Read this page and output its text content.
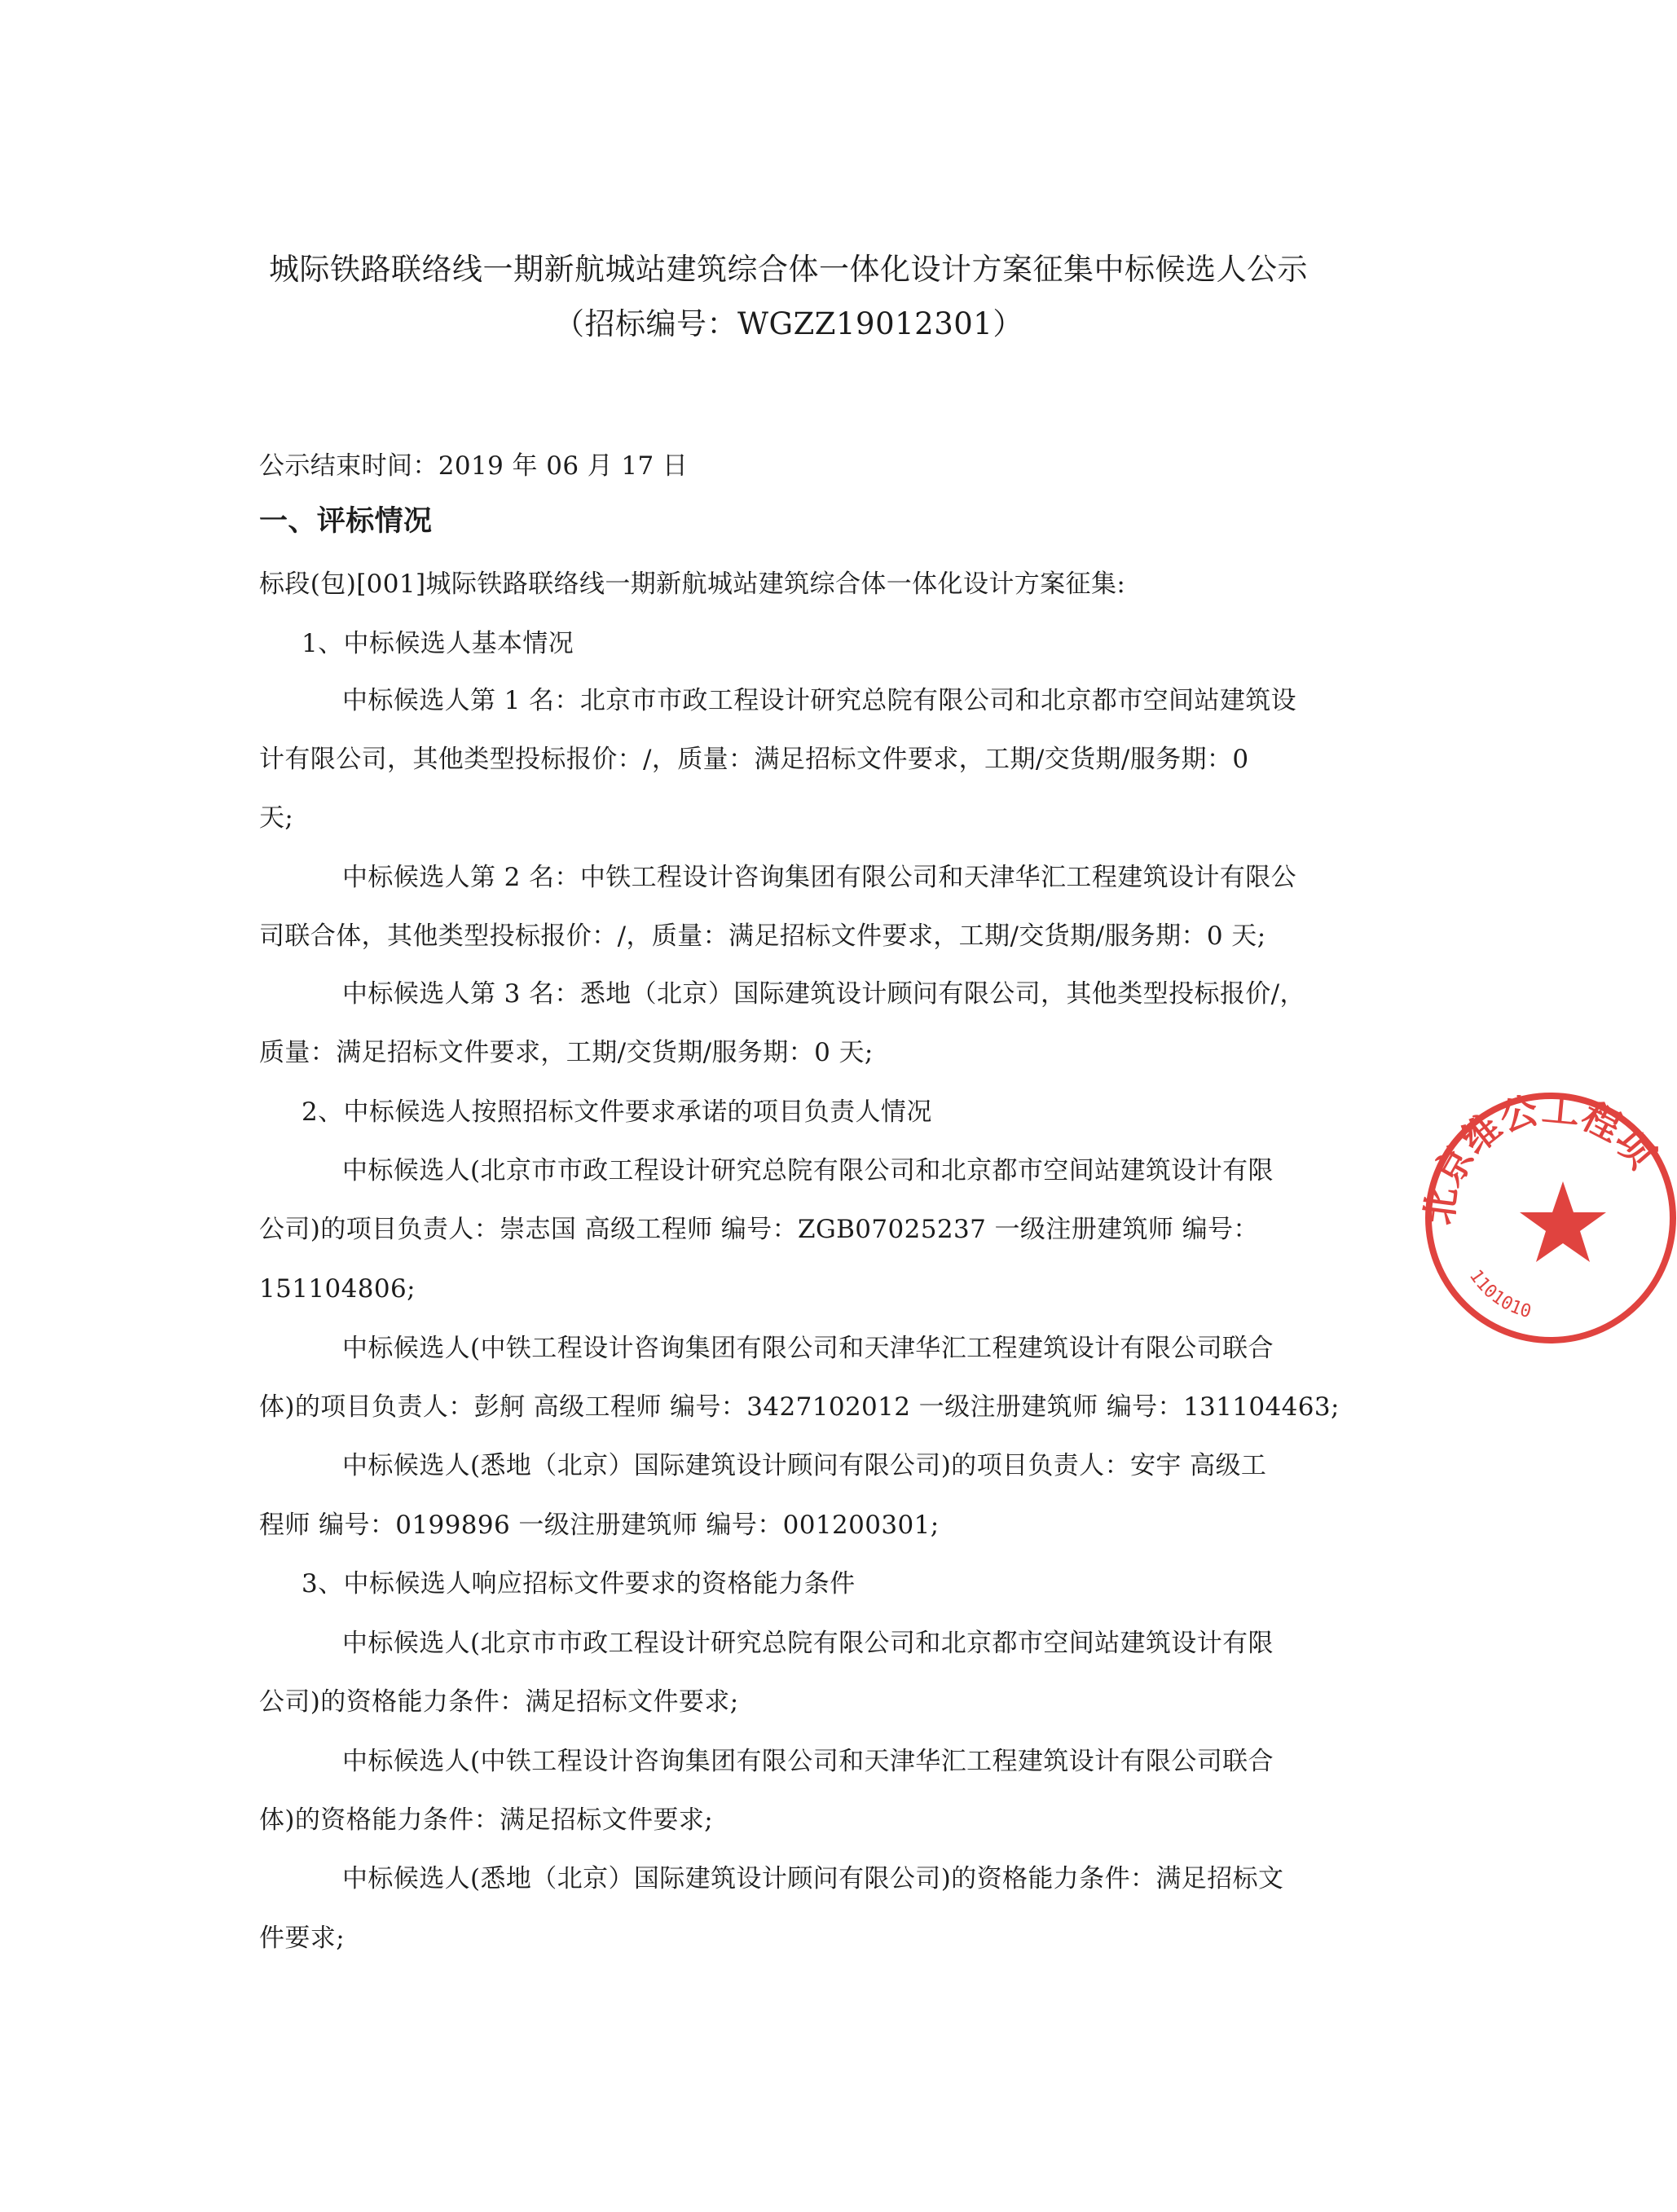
城际铁路联络线一期新航城站建筑综合体一体化设计方案征集中标候选人公示
（招标编号：WGZZ19012301）
公示结束时间：2019 年 06 月 17 日
一、评标情况
标段(包)[001]城际铁路联络线一期新航城站建筑综合体一体化设计方案征集:
1、中标候选人基本情况
中标候选人第 1 名：北京市市政工程设计研究总院有限公司和北京都市空间站建筑设
计有限公司，其他类型投标报价：/，质量：满足招标文件要求，工期/交货期/服务期：0
天;
中标候选人第 2 名：中铁工程设计咨询集团有限公司和天津华汇工程建筑设计有限公
司联合体，其他类型投标报价：/，质量：满足招标文件要求，工期/交货期/服务期：0 天;
中标候选人第 3 名：悉地（北京）国际建筑设计顾问有限公司，其他类型投标报价/，
质量：满足招标文件要求，工期/交货期/服务期：0 天;
2、中标候选人按照招标文件要求承诺的项目负责人情况
中标候选人(北京市市政工程设计研究总院有限公司和北京都市空间站建筑设计有限
公司)的项目负责人：崇志国 高级工程师 编号：ZGB07025237 一级注册建筑师 编号：
151104806;
中标候选人(中铁工程设计咨询集团有限公司和天津华汇工程建筑设计有限公司联合
体)的项目负责人：彭舸 高级工程师 编号：3427102012 一级注册建筑师 编号：131104463;
中标候选人(悉地（北京）国际建筑设计顾问有限公司)的项目负责人：安宇 高级工
程师 编号：0199896 一级注册建筑师 编号：001200301;
3、中标候选人响应招标文件要求的资格能力条件
中标候选人(北京市市政工程设计研究总院有限公司和北京都市空间站建筑设计有限
公司)的资格能力条件：满足招标文件要求;
中标候选人(中铁工程设计咨询集团有限公司和天津华汇工程建筑设计有限公司联合
体)的资格能力条件：满足招标文件要求;
中标候选人(悉地（北京）国际建筑设计顾问有限公司)的资格能力条件：满足招标文
件要求;
北京维公工程项
1101010
